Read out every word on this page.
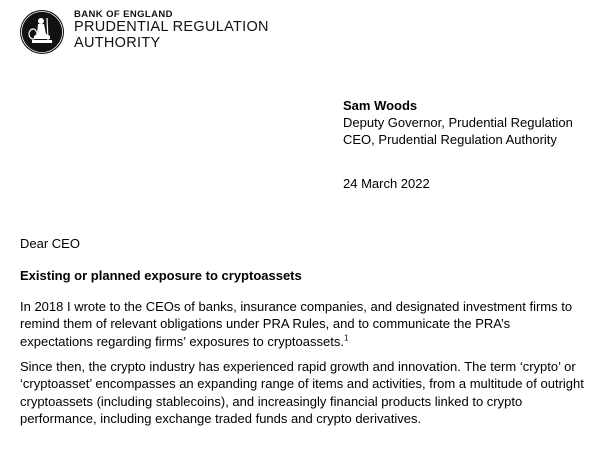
BANK OF ENGLAND
PRUDENTIAL REGULATION
AUTHORITY
Sam Woods
Deputy Governor, Prudential Regulation
CEO, Prudential Regulation Authority
24 March 2022
Dear CEO
Existing or planned exposure to cryptoassets

In 2018 I wrote to the CEOs of banks, insurance companies, and designated investment firms to remind them of relevant obligations under PRA Rules, and to communicate the PRA’s expectations regarding firms’ exposures to cryptoassets.$^1$

Since then, the crypto industry has experienced rapid growth and innovation. The term ‘crypto’ or ‘cryptoasset’ encompasses an expanding range of items and activities, from a multitude of outright cryptoassets (including stablecoins), and increasingly financial products linked to crypto performance, including exchange traded funds and crypto derivatives.
